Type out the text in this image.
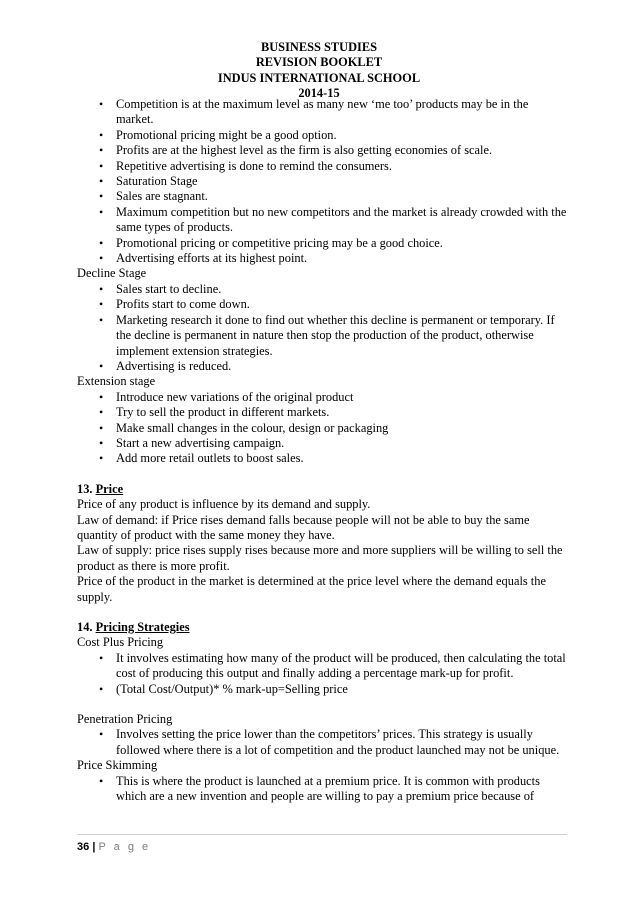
BUSINESS STUDIES
REVISION BOOKLET
INDUS INTERNATIONAL SCHOOL
2014-15
• Competition is at the maximum level as many new ‘me too’ products may be in the market.
• Promotional pricing might be a good option.
• Profits are at the highest level as the firm is also getting economies of scale.
• Repetitive advertising is done to remind the consumers.
• Saturation Stage
• Sales are stagnant.
• Maximum competition but no new competitors and the market is already crowded with the same types of products.
• Promotional pricing or competitive pricing may be a good choice.
• Advertising efforts at its highest point.

Decline Stage

• Sales start to decline.
• Profits start to come down.
• Marketing research it done to find out whether this decline is permanent or temporary. If the decline is permanent in nature then stop the production of the product, otherwise implement extension strategies.
• Advertising is reduced.

Extension stage

• Introduce new variations of the original product
• Try to sell the product in different markets.
• Make small changes in the colour, design or packaging
• Start a new advertising campaign.
• Add more retail outlets to boost sales.

13. Price

Price of any product is influence by its demand and supply.

Law of demand: if Price rises demand falls because people will not be able to buy the same quantity of product with the same money they have.

Law of supply: price rises supply rises because more and more suppliers will be willing to sell the product as there is more profit.

Price of the product in the market is determined at the price level where the demand equals the supply.

14. Pricing Strategies

Cost Plus Pricing

• It involves estimating how many of the product will be produced, then calculating the total cost of producing this output and finally adding a percentage mark-up for profit.
• (Total Cost/Output)* % mark-up=Selling price

Penetration Pricing

• Involves setting the price lower than the competitors’ prices. This strategy is usually followed where there is a lot of competition and the product launched may not be unique.

Price Skimming

• This is where the product is launched at a premium price. It is common with products which are a new invention and people are willing to pay a premium price because of
36 | P a g e
